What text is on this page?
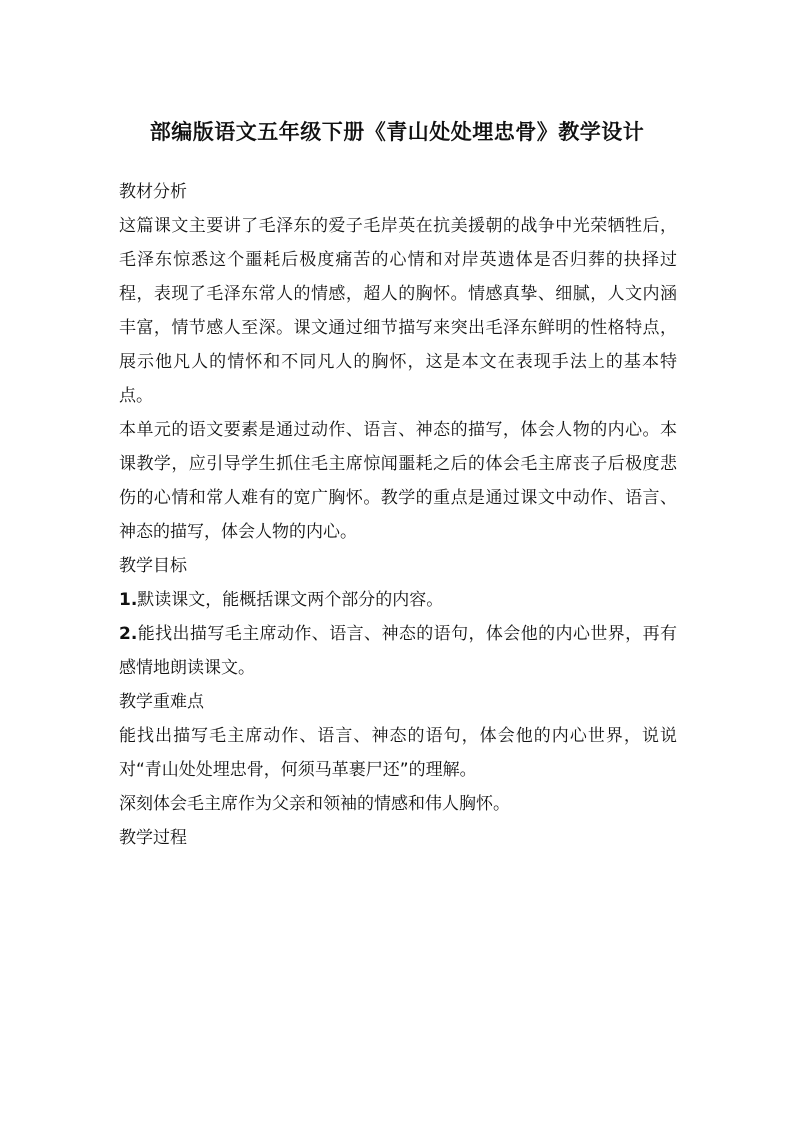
部编版语文五年级下册《青山处处埋忠骨》教学设计

教材分析

这篇课文主要讲了毛泽东的爱子毛岸英在抗美援朝的战争中光荣牺牲后，毛泽东惊悉这个噩耗后极度痛苦的心情和对岸英遗体是否归葬的抉择过程，表现了毛泽东常人的情感，超人的胸怀。情感真挚、细腻，人文内涵丰富，情节感人至深。课文通过细节描写来突出毛泽东鲜明的性格特点，展示他凡人的情怀和不同凡人的胸怀，这是本文在表现手法上的基本特点。

本单元的语文要素是通过动作、语言、神态的描写，体会人物的内心。本课教学，应引导学生抓住毛主席惊闻噩耗之后的体会毛主席丧子后极度悲伤的心情和常人难有的宽广胸怀。教学的重点是通过课文中动作、语言、神态的描写，体会人物的内心。

教学目标

1.默读课文，能概括课文两个部分的内容。

2.能找出描写毛主席动作、语言、神态的语句，体会他的内心世界，再有感情地朗读课文。

教学重难点

能找出描写毛主席动作、语言、神态的语句，体会他的内心世界，说说对“青山处处埋忠骨，何须马革裹尸还”的理解。

深刻体会毛主席作为父亲和领袖的情感和伟人胸怀。

教学过程
